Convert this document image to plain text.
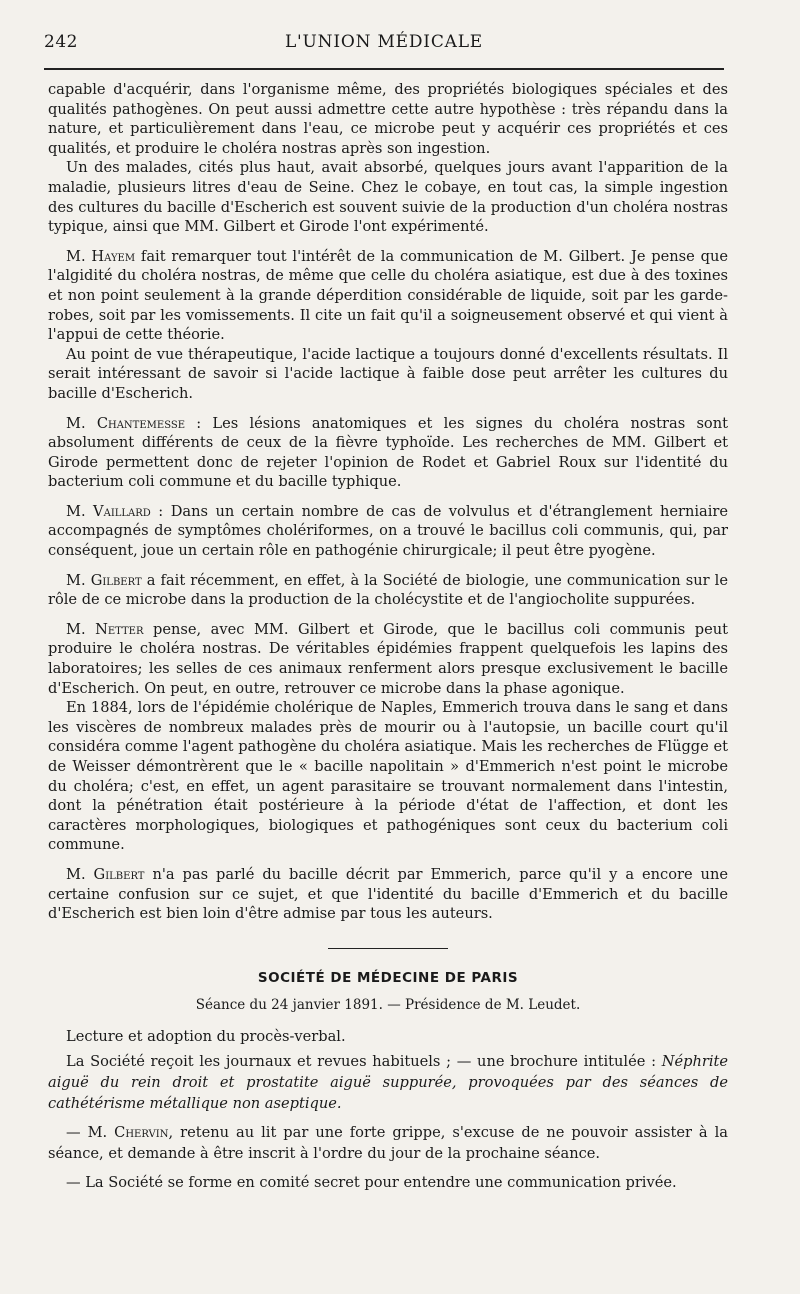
242	L'UNION MÉDICALE

capable d'acquérir, dans l'organisme même, des propriétés biologiques spéciales et des qualités pathogènes. On peut aussi admettre cette autre hypothèse : très répandu dans la nature, et particulièrement dans l'eau, ce microbe peut y acquérir ces propriétés et ces qualités, et produire le choléra nostras après son ingestion.

Un des malades, cités plus haut, avait absorbé, quelques jours avant l'apparition de la maladie, plusieurs litres d'eau de Seine. Chez le cobaye, en tout cas, la simple ingestion des cultures du bacille d'Escherich est souvent suivie de la production d'un choléra nostras typique, ainsi que MM. Gilbert et Girode l'ont expérimenté.

M. Hayem fait remarquer tout l'intérêt de la communication de M. Gilbert. Je pense que l'algidité du choléra nostras, de même que celle du choléra asiatique, est due à des toxines et non point seulement à la grande déperdition considérable de liquide, soit par les garde-robes, soit par les vomissements. Il cite un fait qu'il a soigneusement observé et qui vient à l'appui de cette théorie.

Au point de vue thérapeutique, l'acide lactique a toujours donné d'excellents résultats. Il serait intéressant de savoir si l'acide lactique à faible dose peut arrêter les cultures du bacille d'Escherich.

M. Chantemesse : Les lésions anatomiques et les signes du choléra nostras sont absolument différents de ceux de la fièvre typhoïde. Les recherches de MM. Gilbert et Girode permettent donc de rejeter l'opinion de Rodet et Gabriel Roux sur l'identité du bacterium coli commune et du bacille typhique.

M. Vaillard : Dans un certain nombre de cas de volvulus et d'étranglement herniaire accompagnés de symptômes cholériformes, on a trouvé le bacillus coli communis, qui, par conséquent, joue un certain rôle en pathogénie chirurgicale; il peut être pyogène.

M. Gilbert a fait récemment, en effet, à la Société de biologie, une communication sur le rôle de ce microbe dans la production de la cholécystite et de l'angiocholite suppurées.

M. Netter pense, avec MM. Gilbert et Girode, que le bacillus coli communis peut produire le choléra nostras. De véritables épidémies frappent quelquefois les lapins des laboratoires; les selles de ces animaux renferment alors presque exclusivement le bacille d'Escherich. On peut, en outre, retrouver ce microbe dans la phase agonique.

En 1884, lors de l'épidémie cholérique de Naples, Emmerich trouva dans le sang et dans les viscères de nombreux malades près de mourir ou à l'autopsie, un bacille court qu'il considéra comme l'agent pathogène du choléra asiatique. Mais les recherches de Flügge et de Weisser démontrèrent que le « bacille napolitain » d'Emmerich n'est point le microbe du choléra; c'est, en effet, un agent parasitaire se trouvant normalement dans l'intestin, dont la pénétration était postérieure à la période d'état de l'affection, et dont les caractères morphologiques, biologiques et pathogéniques sont ceux du bacterium coli commune.

M. Gilbert n'a pas parlé du bacille décrit par Emmerich, parce qu'il y a encore une certaine confusion sur ce sujet, et que l'identité du bacille d'Emmerich et du bacille d'Escherich est bien loin d'être admise par tous les auteurs.

SOCIÉTÉ DE MÉDECINE DE PARIS
Séance du 24 janvier 1891. — Présidence de M. Leudet.

Lecture et adoption du procès-verbal.

La Société reçoit les journaux et revues habituels ; — une brochure intitulée : Néphrite aiguë du rein droit et prostatite aiguë suppurée, provoquées par des séances de cathétérisme métallique non aseptique.

— M. Chervin, retenu au lit par une forte grippe, s'excuse de ne pouvoir assister à la séance, et demande à être inscrit à l'ordre du jour de la prochaine séance.

— La Société se forme en comité secret pour entendre une communication privée.
